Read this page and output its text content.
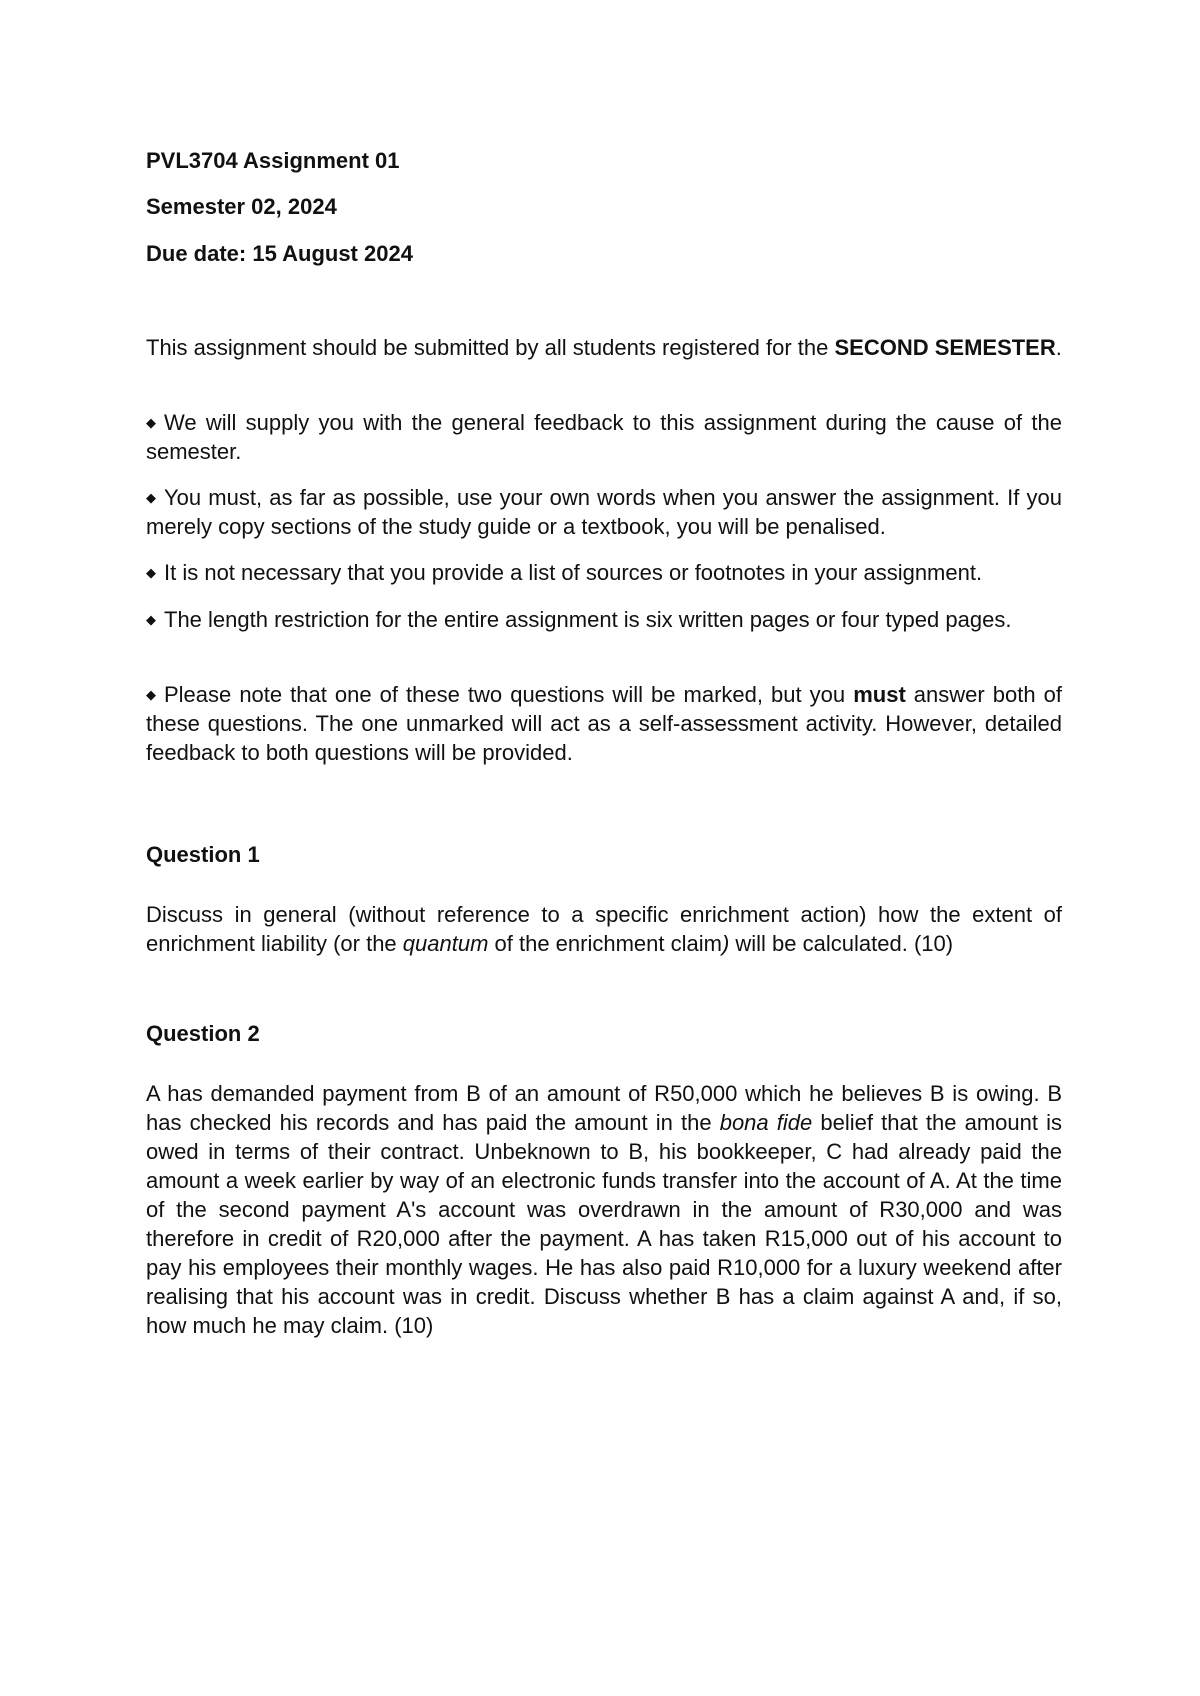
PVL3704 Assignment 01
Semester 02, 2024
Due date: 15 August 2024
This assignment should be submitted by all students registered for the SECOND SEMESTER.
◆ We will supply you with the general feedback to this assignment during the cause of the semester.
◆ You must, as far as possible, use your own words when you answer the assignment. If you merely copy sections of the study guide or a textbook, you will be penalised.
◆ It is not necessary that you provide a list of sources or footnotes in your assignment.
◆ The length restriction for the entire assignment is six written pages or four typed pages.
◆ Please note that one of these two questions will be marked, but you must answer both of these questions. The one unmarked will act as a self-assessment activity. However, detailed feedback to both questions will be provided.
Question 1
Discuss in general (without reference to a specific enrichment action) how the extent of enrichment liability (or the quantum of the enrichment claim) will be calculated. (10)
Question 2
A has demanded payment from B of an amount of R50,000 which he believes B is owing. B has checked his records and has paid the amount in the bona fide belief that the amount is owed in terms of their contract. Unbeknown to B, his bookkeeper, C had already paid the amount a week earlier by way of an electronic funds transfer into the account of A. At the time of the second payment A's account was overdrawn in the amount of R30,000 and was therefore in credit of R20,000 after the payment. A has taken R15,000 out of his account to pay his employees their monthly wages. He has also paid R10,000 for a luxury weekend after realising that his account was in credit. Discuss whether B has a claim against A and, if so, how much he may claim. (10)
